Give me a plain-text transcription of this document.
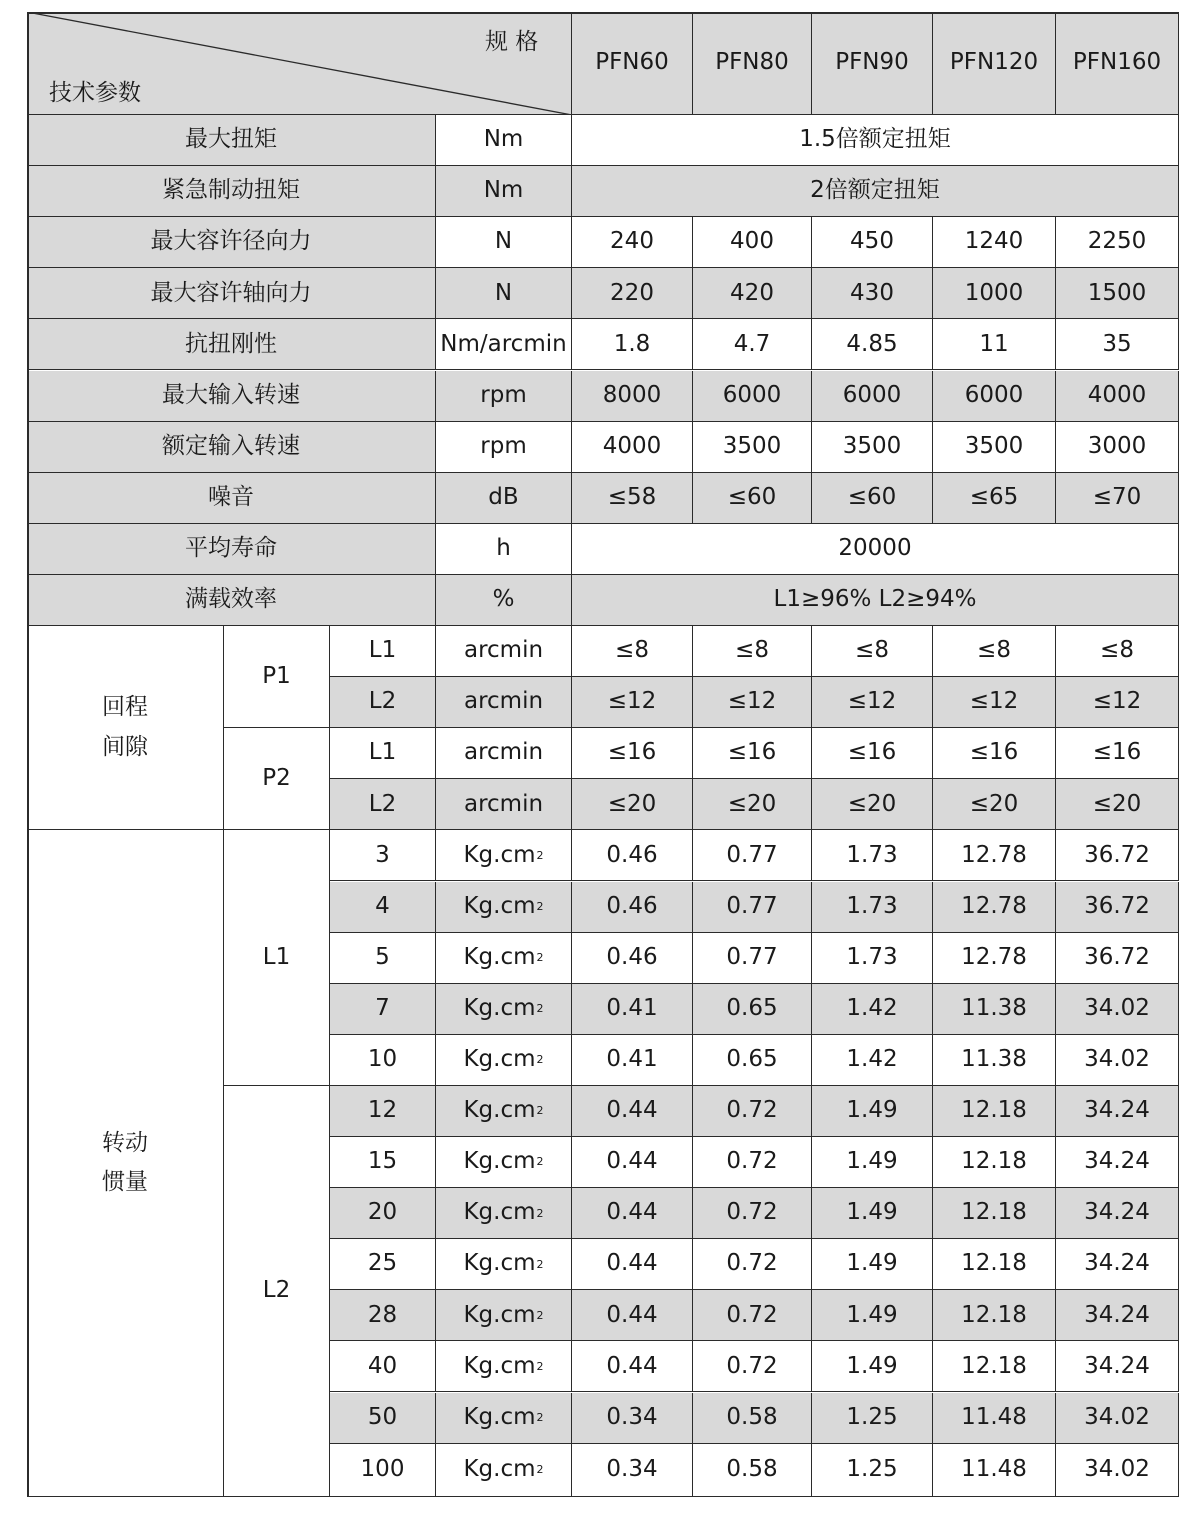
规 格
技术参数
PFN60	PFN80	PFN90	PFN120	PFN160
最大扭矩	Nm	1.5倍额定扭矩
紧急制动扭矩	Nm	2倍额定扭矩
最大容许径向力	N	240	400	450	1240	2250
最大容许轴向力	N	220	420	430	1000	1500
抗扭刚性	Nm/arcmin	1.8	4.7	4.85	11	35
最大输入转速	rpm	8000	6000	6000	6000	4000
额定输入转速	rpm	4000	3500	3500	3500	3000
噪音	dB	≤58	≤60	≤60	≤65	≤70
平均寿命	h	20000
满载效率	%	L1≥96% L2≥94%
回程
间隙
P1
L1	arcmin	≤8	≤8	≤8	≤8	≤8
L2	arcmin	≤12	≤12	≤12	≤12	≤12
P2
L1	arcmin	≤16	≤16	≤16	≤16	≤16
L2	arcmin	≤20	≤20	≤20	≤20	≤20
转动
惯量
L1
3	Kg.cm 2	0.46	0.77	1.73	12.78	36.72
4	Kg.cm 2	0.46	0.77	1.73	12.78	36.72
5	Kg.cm 2	0.46	0.77	1.73	12.78	36.72
7	Kg.cm 2	0.41	0.65	1.42	11.38	34.02
10	Kg.cm 2	0.41	0.65	1.42	11.38	34.02
L2
12	Kg.cm 2	0.44	0.72	1.49	12.18	34.24
15	Kg.cm 2	0.44	0.72	1.49	12.18	34.24
20	Kg.cm 2	0.44	0.72	1.49	12.18	34.24
25	Kg.cm 2	0.44	0.72	1.49	12.18	34.24
28	Kg.cm 2	0.44	0.72	1.49	12.18	34.24
40	Kg.cm 2	0.44	0.72	1.49	12.18	34.24
50	Kg.cm 2	0.34	0.58	1.25	11.48	34.02
100	Kg.cm 2	0.34	0.58	1.25	11.48	34.02
